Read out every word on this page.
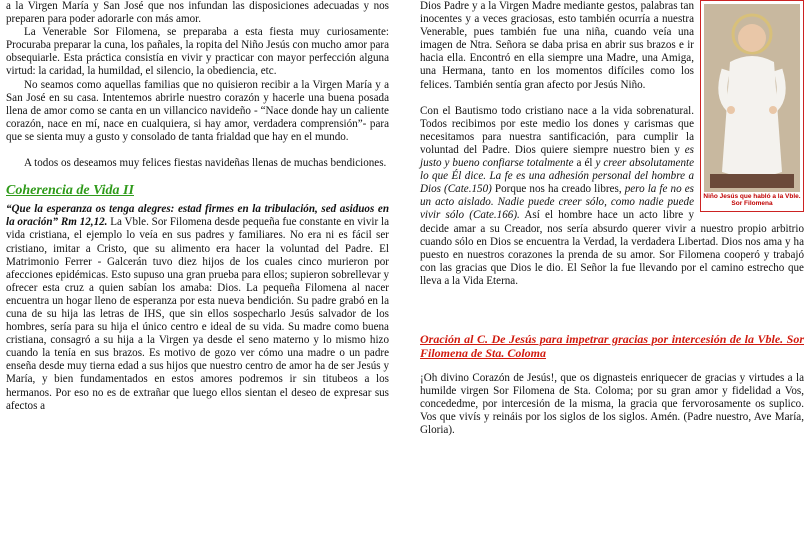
a la Virgen María y San José que nos infundan las disposiciones adecuadas y nos preparen para poder adorarle con más amor.

La Venerable Sor Filomena, se preparaba a esta fiesta muy curiosamente: Procuraba preparar la cuna, los pañales, la ropita del Niño Jesús con mucho amor para obsequiarle. Esta práctica consistía en vivir y practicar con mayor perfección alguna virtud: la caridad, la humildad, el silencio, la obediencia, etc.

No seamos como aquellas familias que no quisieron recibir a la Virgen María y a San José en su casa. Intentemos abrirle nuestro corazón y hacerle una buena posada llena de amor como se canta en un villancico navideño - “Nace donde hay un caliente corazón, nace en mí, nace en cualquiera, si hay amor, verdadera comprensión”- para que se sienta muy a gusto y consolado de tanta frialdad que hay en el mundo.

A todos os deseamos muy felices fiestas navideñas llenas de muchas bendiciones.

Coherencia de Vida II

“Que la esperanza os tenga alegres: estad firmes en la tribulación, sed asiduos en la oración” Rm 12,12. La Vble. Sor Filomena desde pequeña fue constante en vivir la vida cristiana, el ejemplo lo veía en sus padres y familiares. No era ni es fácil ser cristiano, imitar a Cristo, que su alimento era hacer la voluntad del Padre. El Matrimonio Ferrer - Galcerán tuvo diez hijos de los cuales cinco murieron por afecciones epidémicas. Esto supuso una gran prueba para ellos; supieron sobrellevar y ofrecer esta cruz a quien sabían los amaba: Dios. La pequeña Filomena al nacer encuentra un hogar lleno de esperanza por esta nueva bendición. Su padre grabó en la cuna de su hija las letras de IHS, que sin ellos sospecharlo Jesús salvador de los hombres, sería para su hija el único centro e ideal de su vida. Su madre como buena cristiana, consagró a su hija a la Virgen ya desde el seno materno y lo mismo hizo cuando la tenía en sus brazos. Es motivo de gozo ver cómo una madre o un padre enseña desde muy tierna edad a sus hijos que nuestro centro de amor ha de ser Jesús y María, y bien fundamentados en estos amores podremos ir sin titubeos a los hermanos. Por eso no es de extrañar que luego ellos sientan el deseo de expresar sus afectos a

Niño Jesús que habló a la Vble. Sor Filomena

Dios Padre y a la Virgen Madre mediante gestos, palabras tan inocentes y a veces graciosas, esto también ocurría a nuestra Venerable, pues también fue una niña, cuando veía una imagen de Ntra. Señora se daba prisa en abrir sus brazos e ir hacia ella. Encontró en ella siempre una Madre, una Amiga, una Hermana, tanto en los momentos difíciles como los felices. También sentía gran afecto por Jesús Niño.

Con el Bautismo todo cristiano nace a la vida sobrenatural. Todos recibimos por este medio los dones y carismas que necesitamos para nuestra santificación, para cumplir la voluntad del Padre. Dios quiere siempre nuestro bien y es justo y bueno confiarse totalmente a él y creer absolutamente lo que Él dice. La fe es una adhesión personal del hombre a Dios (Cate.150) Porque nos ha creado libres, pero la fe no es un acto aislado. Nadie puede creer sólo, como nadie puede vivir sólo (Cate.166). Así el hombre hace un acto libre y decide amar a su Creador, nos sería absurdo querer vivir a nuestro propio arbitrio cuando sólo en Dios se encuentra la Verdad, la verdadera Libertad. Dios nos ama y ha puesto en nuestros corazones la prenda de su amor. Sor Filomena cooperó y trabajó con las gracias que Dios le dio. El Señor la fue llevando por el camino estrecho que lleva a la Vida Eterna.

Oración al C. De Jesús para impetrar gracias por intercesión de la Vble. Sor Filomena de Sta. Coloma

¡Oh divino Corazón de Jesús!, que os dignasteis enriquecer de gracias y virtudes a la humilde virgen Sor Filomena de Sta. Coloma; por su gran amor y fidelidad a Vos, concededme, por intercesión de la misma, la gracia que fervorosamente os suplico. Vos que vivís y reináis por los siglos de los siglos. Amén. (Padre nuestro, Ave María, Gloria).
